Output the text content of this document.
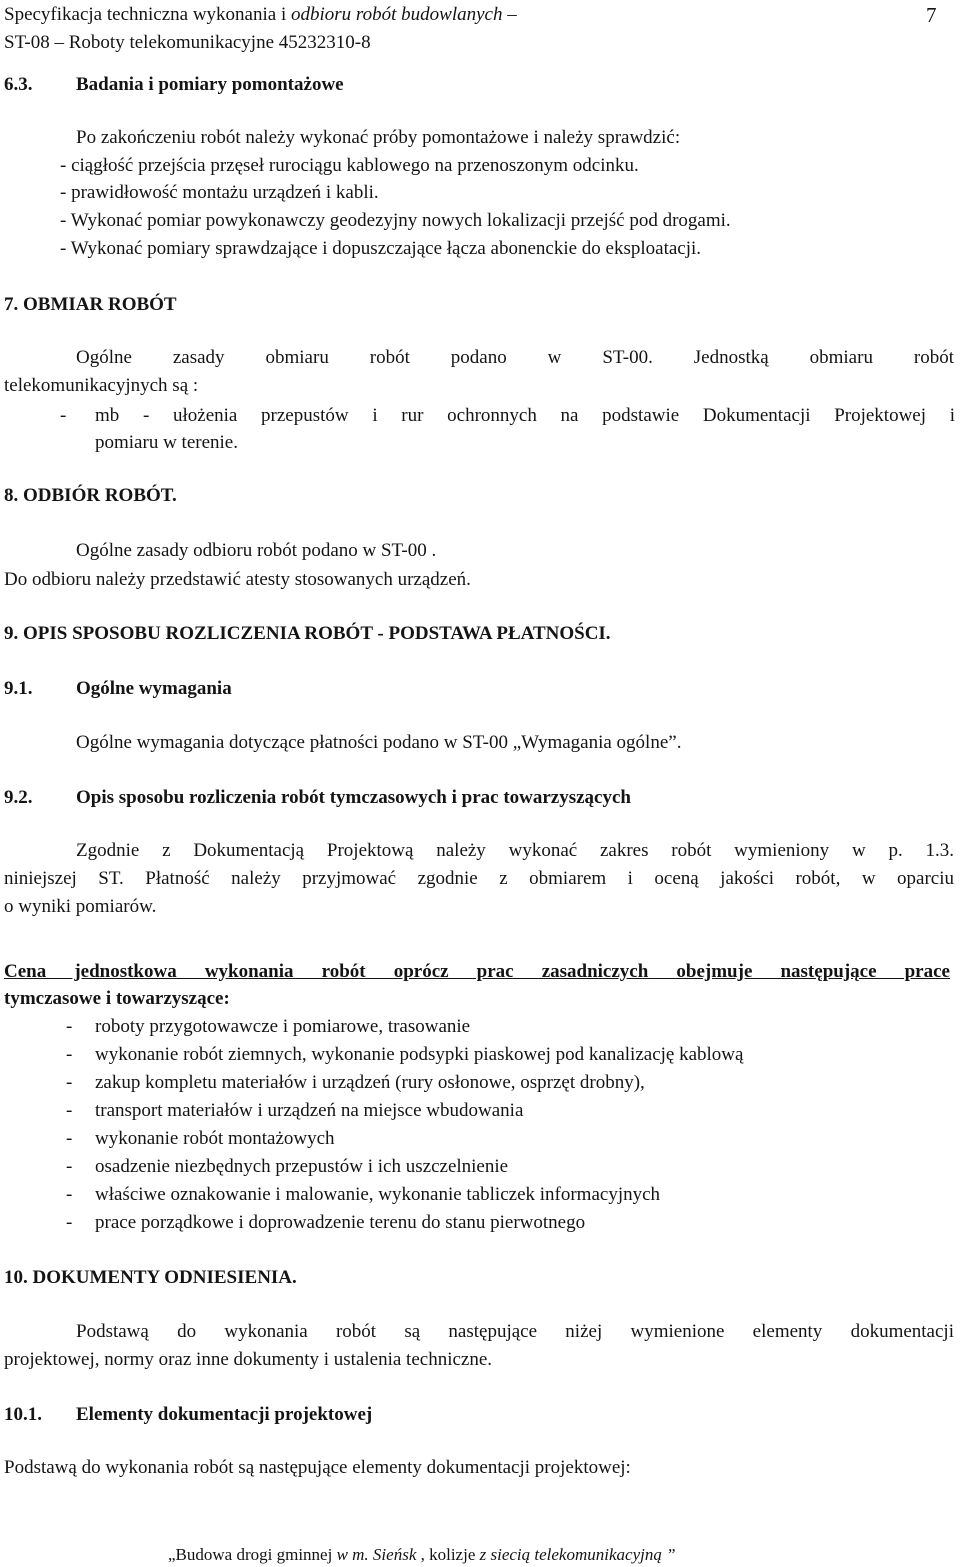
Specyfikacja techniczna wykonania i odbioru robót budowlanych –	7
ST-08 – Roboty telekomunikacyjne 45232310-8
6.3. Badania i pomiary pomontażowe
Po zakończeniu robót należy wykonać próby pomontażowe i należy sprawdzić:
- ciągłość przejścia przęseł rurociągu kablowego na przenoszonym odcinku.
- prawidłowość montażu urządzeń i kabli.
- Wykonać pomiar powykonawczy geodezyjny nowych lokalizacji przejść pod drogami.
- Wykonać pomiary sprawdzające i dopuszczające łącza abonenckie do eksploatacji.
7. OBMIAR ROBÓT
Ogólne zasady obmiaru robót podano w ST-00. Jednostką obmiaru robót
telekomunikacyjnych są :
- mb - ułożenia przepustów i rur ochronnych na podstawie Dokumentacji Projektowej i
pomiaru w terenie.
8. ODBIÓR ROBÓT.
Ogólne zasady odbioru robót podano w ST-00 .
Do odbioru należy przedstawić atesty stosowanych urządzeń.
9. OPIS SPOSOBU ROZLICZENIA ROBÓT - PODSTAWA PŁATNOŚCI.
9.1. Ogólne wymagania
Ogólne wymagania dotyczące płatności podano w ST-00 „Wymagania ogólne”.
9.2. Opis sposobu rozliczenia robót tymczasowych i prac towarzyszących
Zgodnie z Dokumentacją Projektową należy wykonać zakres robót wymieniony w p. 1.3.
niniejszej ST. Płatność należy przyjmować zgodnie z obmiarem i oceną jakości robót, w oparciu
o wyniki pomiarów.
Cena jednostkowa wykonania robót oprócz prac zasadniczych obejmuje następujące prace
tymczasowe i towarzyszące:
- roboty przygotowawcze i pomiarowe, trasowanie
- wykonanie robót ziemnych, wykonanie podsypki piaskowej pod kanalizację kablową
- zakup kompletu materiałów i urządzeń (rury osłonowe, osprzęt drobny),
- transport materiałów i urządzeń na miejsce wbudowania
- wykonanie robót montażowych
- osadzenie niezbędnych przepustów i ich uszczelnienie
- właściwe oznakowanie i malowanie, wykonanie tabliczek informacyjnych
- prace porządkowe i doprowadzenie terenu do stanu pierwotnego
10. DOKUMENTY ODNIESIENIA.
Podstawą do wykonania robót są następujące niżej wymienione elementy dokumentacji
projektowej, normy oraz inne dokumenty i ustalenia techniczne.
10.1. Elementy dokumentacji projektowej
Podstawą do wykonania robót są następujące elementy dokumentacji projektowej:
„Budowa drogi gminnej w m. Sieńsk , kolizje z siecią telekomunikacyjną ”
